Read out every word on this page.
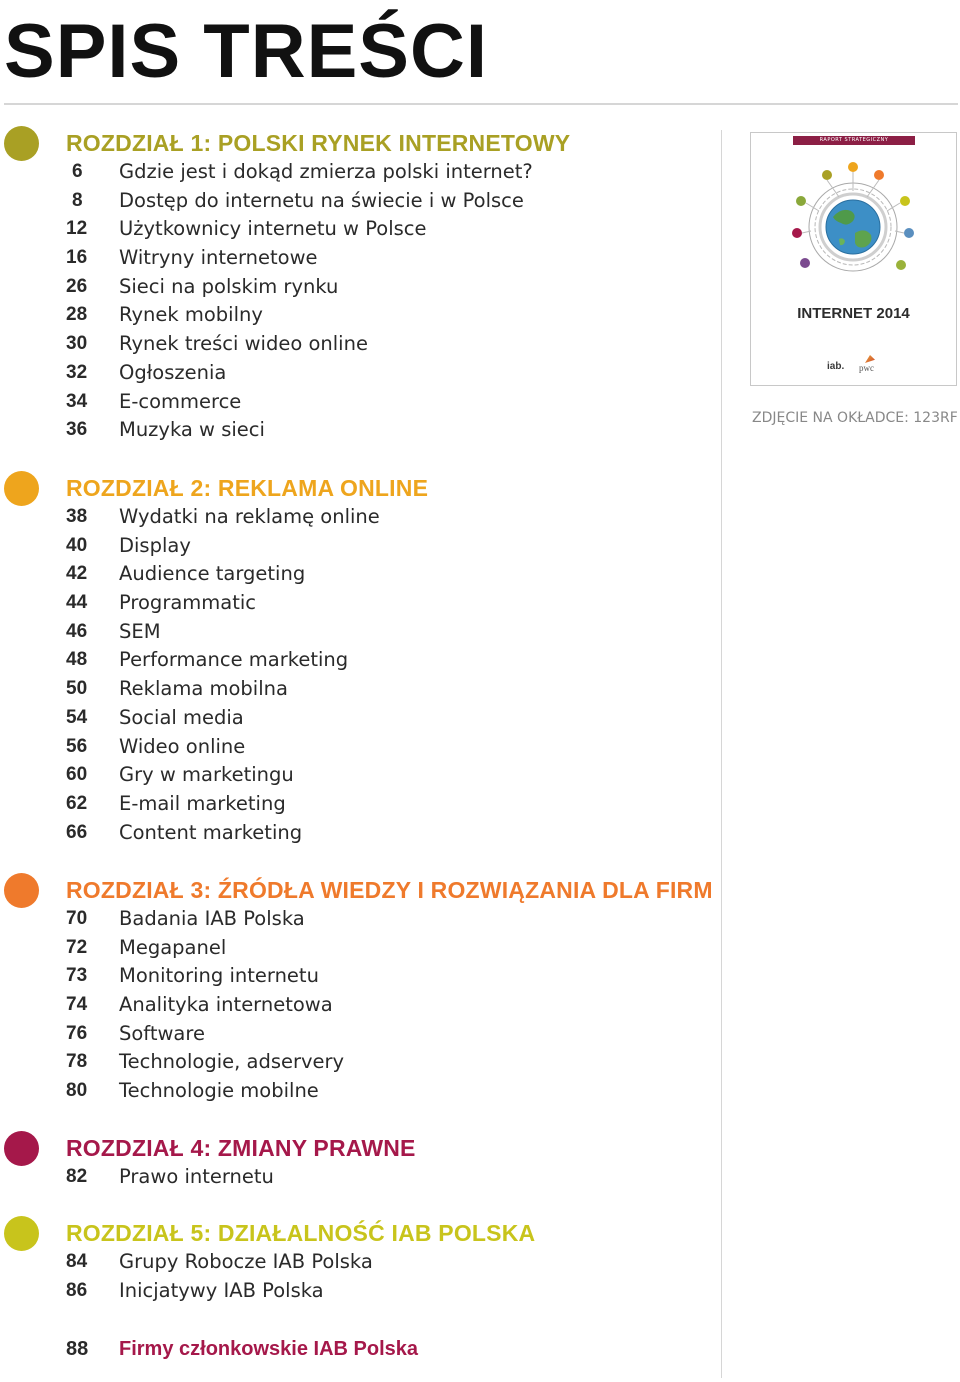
SPIS TREŚCI
ROZDZIAŁ 1: POLSKI RYNEK INTERNETOWY
6	Gdzie jest i dokąd zmierza polski internet?
8	Dostęp do internetu na świecie i w Polsce
12	Użytkownicy internetu w Polsce
16	Witryny internetowe
26	Sieci na polskim rynku
28	Rynek mobilny
30	Rynek treści wideo online
32	Ogłoszenia
34	E-commerce
36	Muzyka w sieci
ROZDZIAŁ 2: REKLAMA ONLINE
38	Wydatki na reklamę online
40	Display
42	Audience targeting
44	Programmatic
46	SEM
48	Performance marketing
50	Reklama mobilna
54	Social media
56	Wideo online
60	Gry w marketingu
62	E-mail marketing
66	Content marketing
ROZDZIAŁ 3: ŹRÓDŁA WIEDZY I ROZWIĄZANIA DLA FIRM
70	Badania IAB Polska
72	Megapanel
73	Monitoring internetu
74	Analityka internetowa
76	Software
78	Technologie, adservery
80	Technologie mobilne
ROZDZIAŁ 4: ZMIANY PRAWNE
82	Prawo internetu
ROZDZIAŁ 5: DZIAŁALNOŚĆ IAB POLSKA
84	Grupy Robocze IAB Polska
86	Inicjatywy IAB Polska
88 Firmy członkowskie IAB Polska
RAPORT STRATEGICZNY
INTERNET 2014
iab. pwc
ZDJĘCIE NA OKŁADCE: 123RF
